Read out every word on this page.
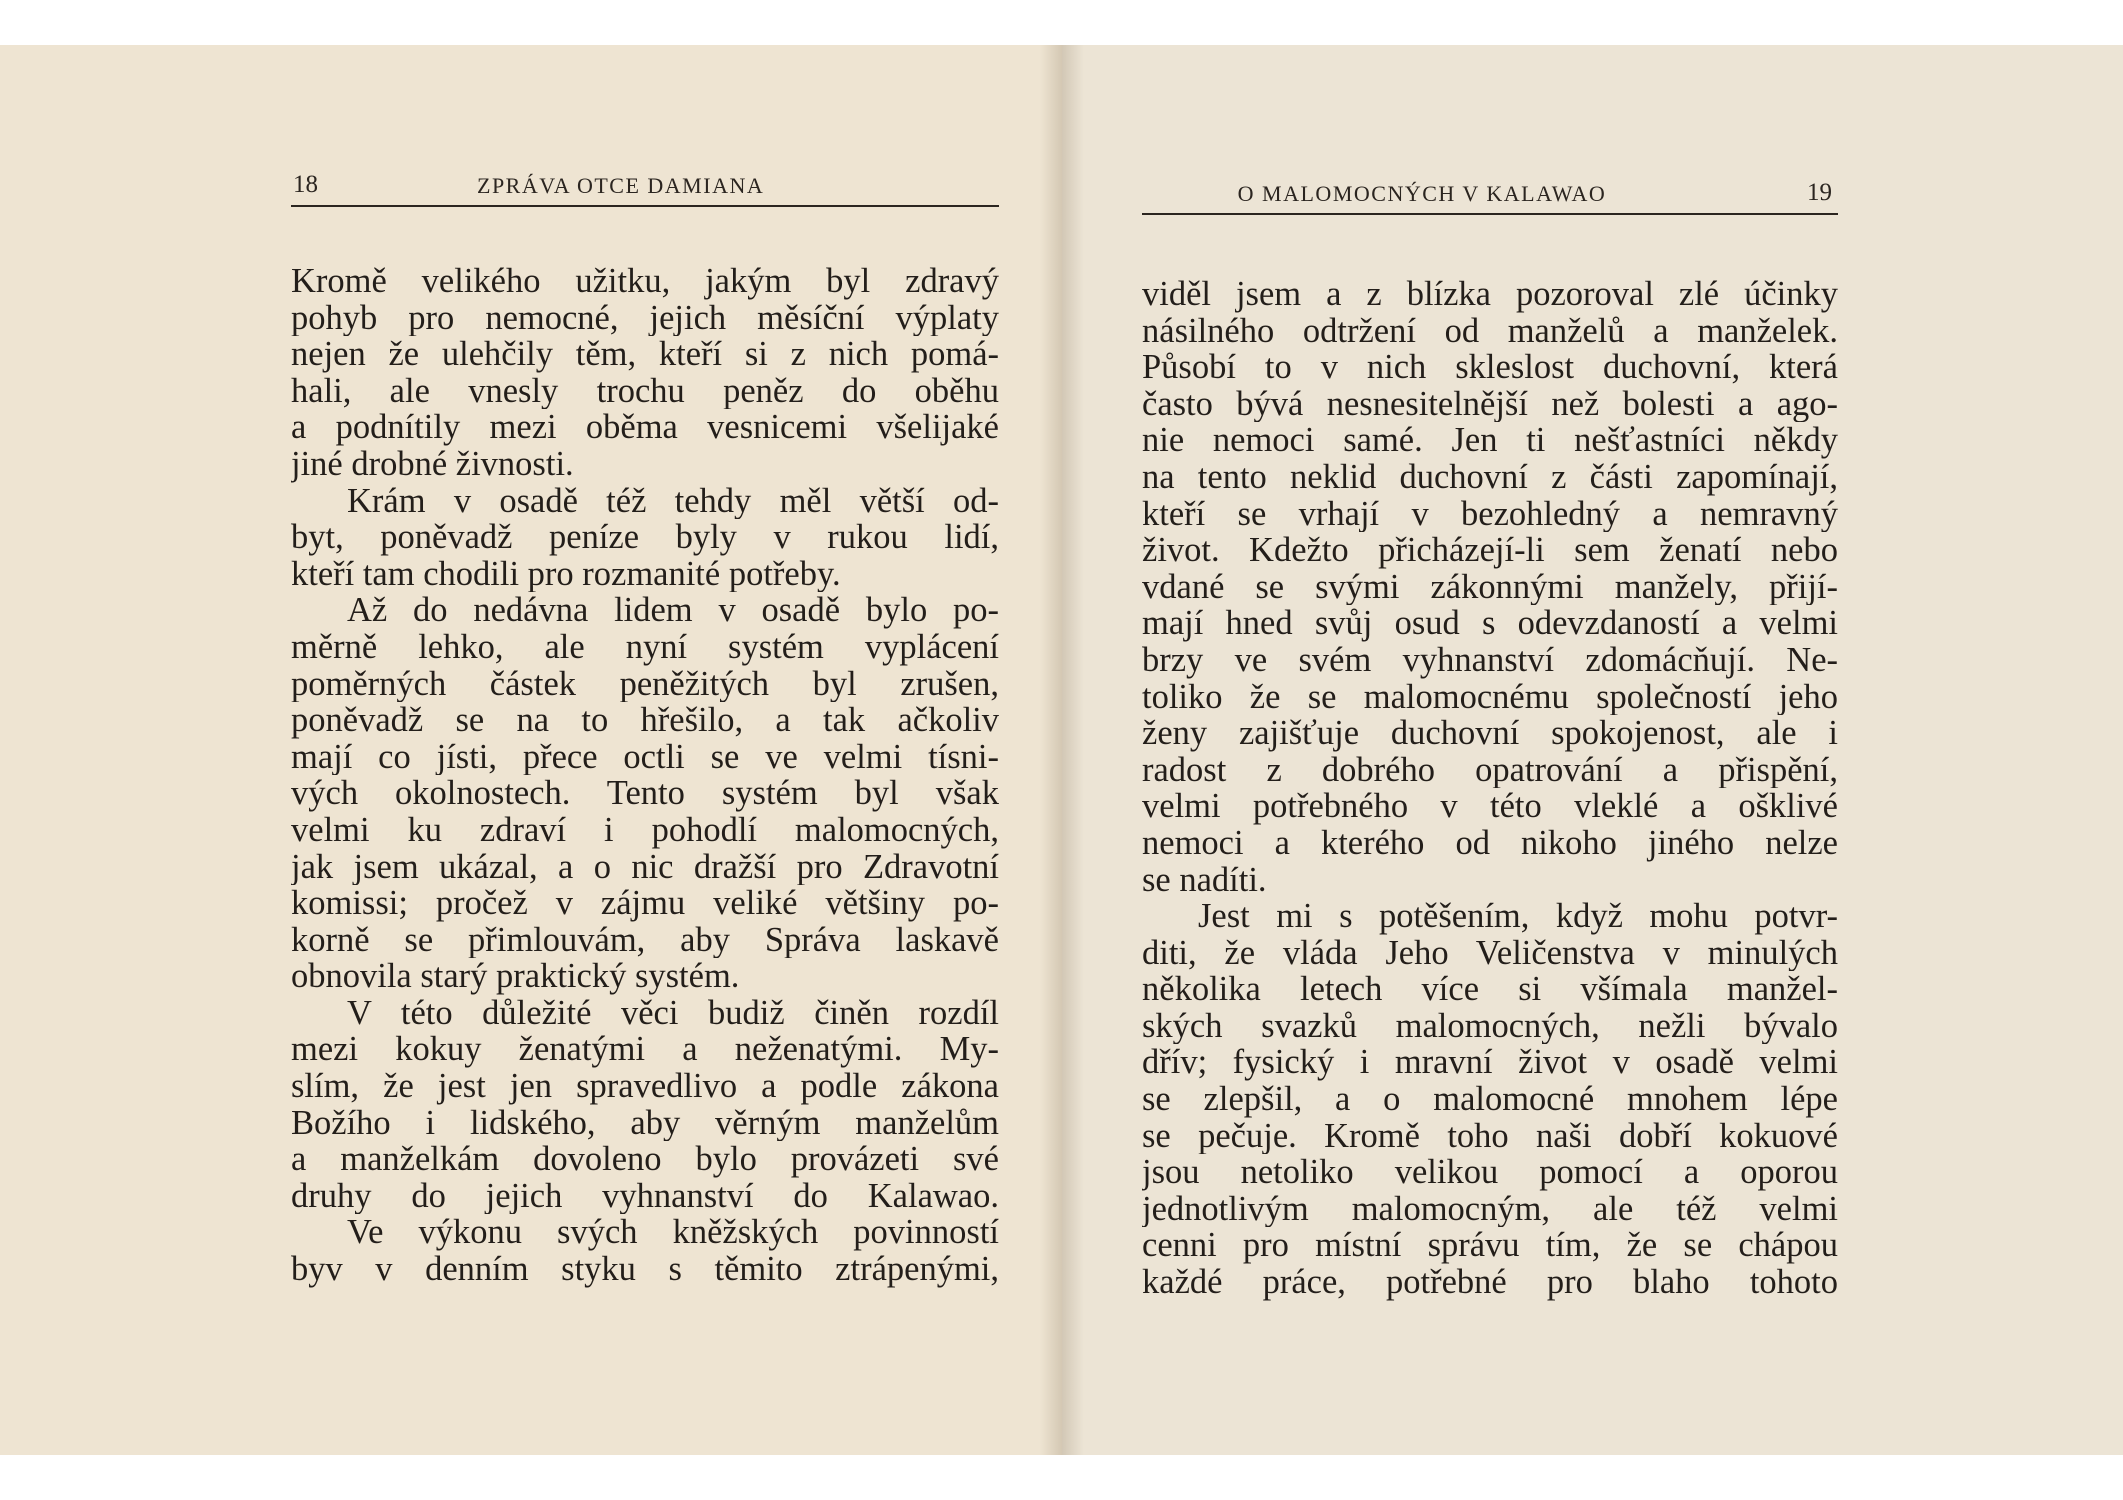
18	ZPRÁVA OTCE DAMIANA
Kromě velikého užitku, jakým byl zdravý
pohyb pro nemocné, jejich měsíční výplaty
nejen že ulehčily těm, kteří si z nich pomá-
hali, ale vnesly trochu peněz do oběhu
a podnítily mezi oběma vesnicemi všelijaké
jiné drobné živnosti.
Krám v osadě též tehdy měl větší od-
byt, poněvadž peníze byly v rukou lidí,
kteří tam chodili pro rozmanité potřeby.
Až do nedávna lidem v osadě bylo po-
měrně lehko, ale nyní systém vyplácení
poměrných částek peněžitých byl zrušen,
poněvadž se na to hřešilo, a tak ačkoliv
mají co jísti, přece octli se ve velmi tísni-
vých okolnostech. Tento systém byl však
velmi ku zdraví i pohodlí malomocných,
jak jsem ukázal, a o nic dražší pro Zdravotní
komissi; pročež v zájmu veliké většiny po-
korně se přimlouvám, aby Správa laskavě
obnovila starý praktický systém.
V této důležité věci budiž činěn rozdíl
mezi kokuy ženatými a neženatými. My-
slím, že jest jen spravedlivo a podle zákona
Božího i lidského, aby věrným manželům
a manželkám dovoleno bylo provázeti své
druhy do jejich vyhnanství do Kalawao.
Ve výkonu svých kněžských povinností
byv v denním styku s těmito ztrápenými,
O MALOMOCNÝCH V KALAWAO	19
viděl jsem a z blízka pozoroval zlé účinky
násilného odtržení od manželů a manželek.
Působí to v nich skleslost duchovní, která
často bývá nesnesitelnější než bolesti a ago-
nie nemoci samé. Jen ti nešťastníci někdy
na tento neklid duchovní z části zapomínají,
kteří se vrhají v bezohledný a nemravný
život. Kdežto přicházejí-li sem ženatí nebo
vdané se svými zákonnými manžely, přijí-
mají hned svůj osud s odevzdaností a velmi
brzy ve svém vyhnanství zdomácňují. Ne-
toliko že se malomocnému společností jeho
ženy zajišťuje duchovní spokojenost, ale i
radost z dobrého opatrování a přispění,
velmi potřebného v této vleklé a ošklivé
nemoci a kterého od nikoho jiného nelze
se nadíti.
Jest mi s potěšením, když mohu potvr-
diti, že vláda Jeho Veličenstva v minulých
několika letech více si všímala manžel-
ských svazků malomocných, nežli bývalo
dřív; fysický i mravní život v osadě velmi
se zlepšil, a o malomocné mnohem lépe
se pečuje. Kromě toho naši dobří kokuové
jsou netoliko velikou pomocí a oporou
jednotlivým malomocným, ale též velmi
cenni pro místní správu tím, že se chápou
každé práce, potřebné pro blaho tohoto
